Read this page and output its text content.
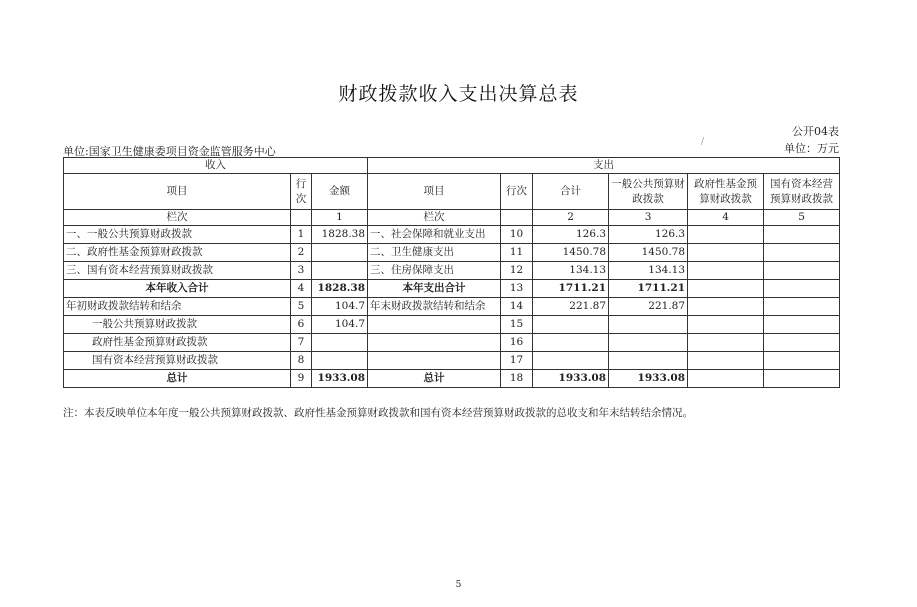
财政拨款收入支出决算总表
公开04表
/
单位:国家卫生健康委项目资金监管服务中心	单位：万元
收入			支出					
项目	行次	金额	项目	行次	合计	一般公共预算财政拨款	政府性基金预算财政拨款	国有资本经营预算财政拨款
栏次		1	栏次		2	3	4	5
一、一般公共预算财政拨款	1	1828.38	一、社会保障和就业支出	10	126.3	126.3		
二、政府性基金预算财政拨款	2		二、卫生健康支出	11	1450.78	1450.78		
三、国有资本经营预算财政拨款	3		三、住房保障支出	12	134.13	134.13		
本年收入合计	4	1828.38	本年支出合计	13	1711.21	1711.21		
年初财政拨款结转和结余	5	104.7	年末财政拨款结转和结余	14	221.87	221.87		
一般公共预算财政拨款	6	104.7		15				
政府性基金预算财政拨款	7			16				
国有资本经营预算财政拨款	8			17				
总计	9	1933.08	总计	18	1933.08	1933.08		
注：本表反映单位本年度一般公共预算财政拨款、政府性基金预算财政拨款和国有资本经营预算财政拨款的总收支和年末结转结余情况。
5
